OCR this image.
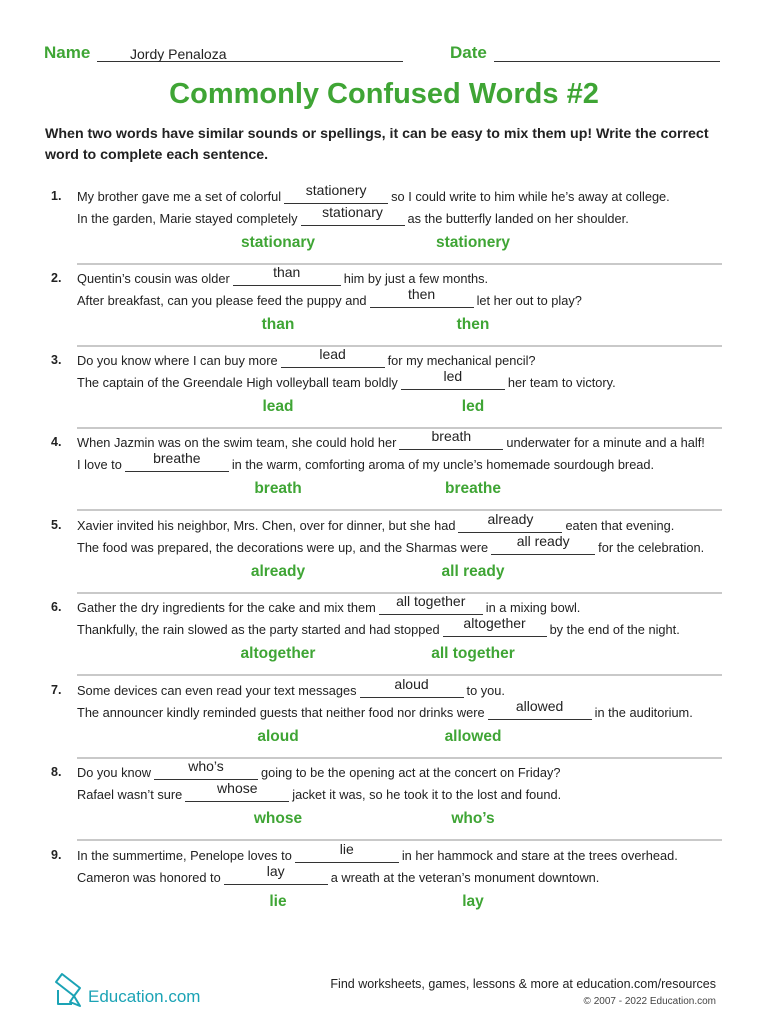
Name	Jordy Penaloza	Date
Commonly Confused Words #2
When two words have similar sounds or spellings, it can be easy to mix them up! Write the correct word to complete each sentence.
1. My brother gave me a set of colorful	stationery	so I could write to him while he’s away at college.
In the garden, Marie stayed completely	stationary	as the butterfly landed on her shoulder.
stationary	stationery
2. Quentin’s cousin was older	than	him by just a few months.
After breakfast, can you please feed the puppy and	then	let her out to play?
than	then
3. Do you know where I can buy more	lead	for my mechanical pencil?
The captain of the Greendale High volleyball team boldly	led	her team to victory.
lead	led
4. When Jazmin was on the swim team, she could hold her	breath	underwater for a minute and a half!
I love to	breathe	in the warm, comforting aroma of my uncle’s homemade sourdough bread.
breath	breathe
5. Xavier invited his neighbor, Mrs. Chen, over for dinner, but she had	already	eaten that evening.
The food was prepared, the decorations were up, and the Sharmas were	all ready	for the celebration.
already	all ready
6. Gather the dry ingredients for the cake and mix them	all together	in a mixing bowl.
Thankfully, the rain slowed as the party started and had stopped	altogether	by the end of the night.
altogether	all together
7. Some devices can even read your text messages	aloud	to you.
The announcer kindly reminded guests that neither food nor drinks were	allowed	in the auditorium.
aloud	allowed
8. Do you know	who’s	going to be the opening act at the concert on Friday?
Rafael wasn’t sure	whose	jacket it was, so he took it to the lost and found.
whose	who’s
9. In the summertime, Penelope loves to	lie	in her hammock and stare at the trees overhead.
Cameron was honored to	lay	a wreath at the veteran’s monument downtown.
lie	lay
Education.com
Find worksheets, games, lessons & more at education.com/resources
© 2007 - 2022 Education.com
